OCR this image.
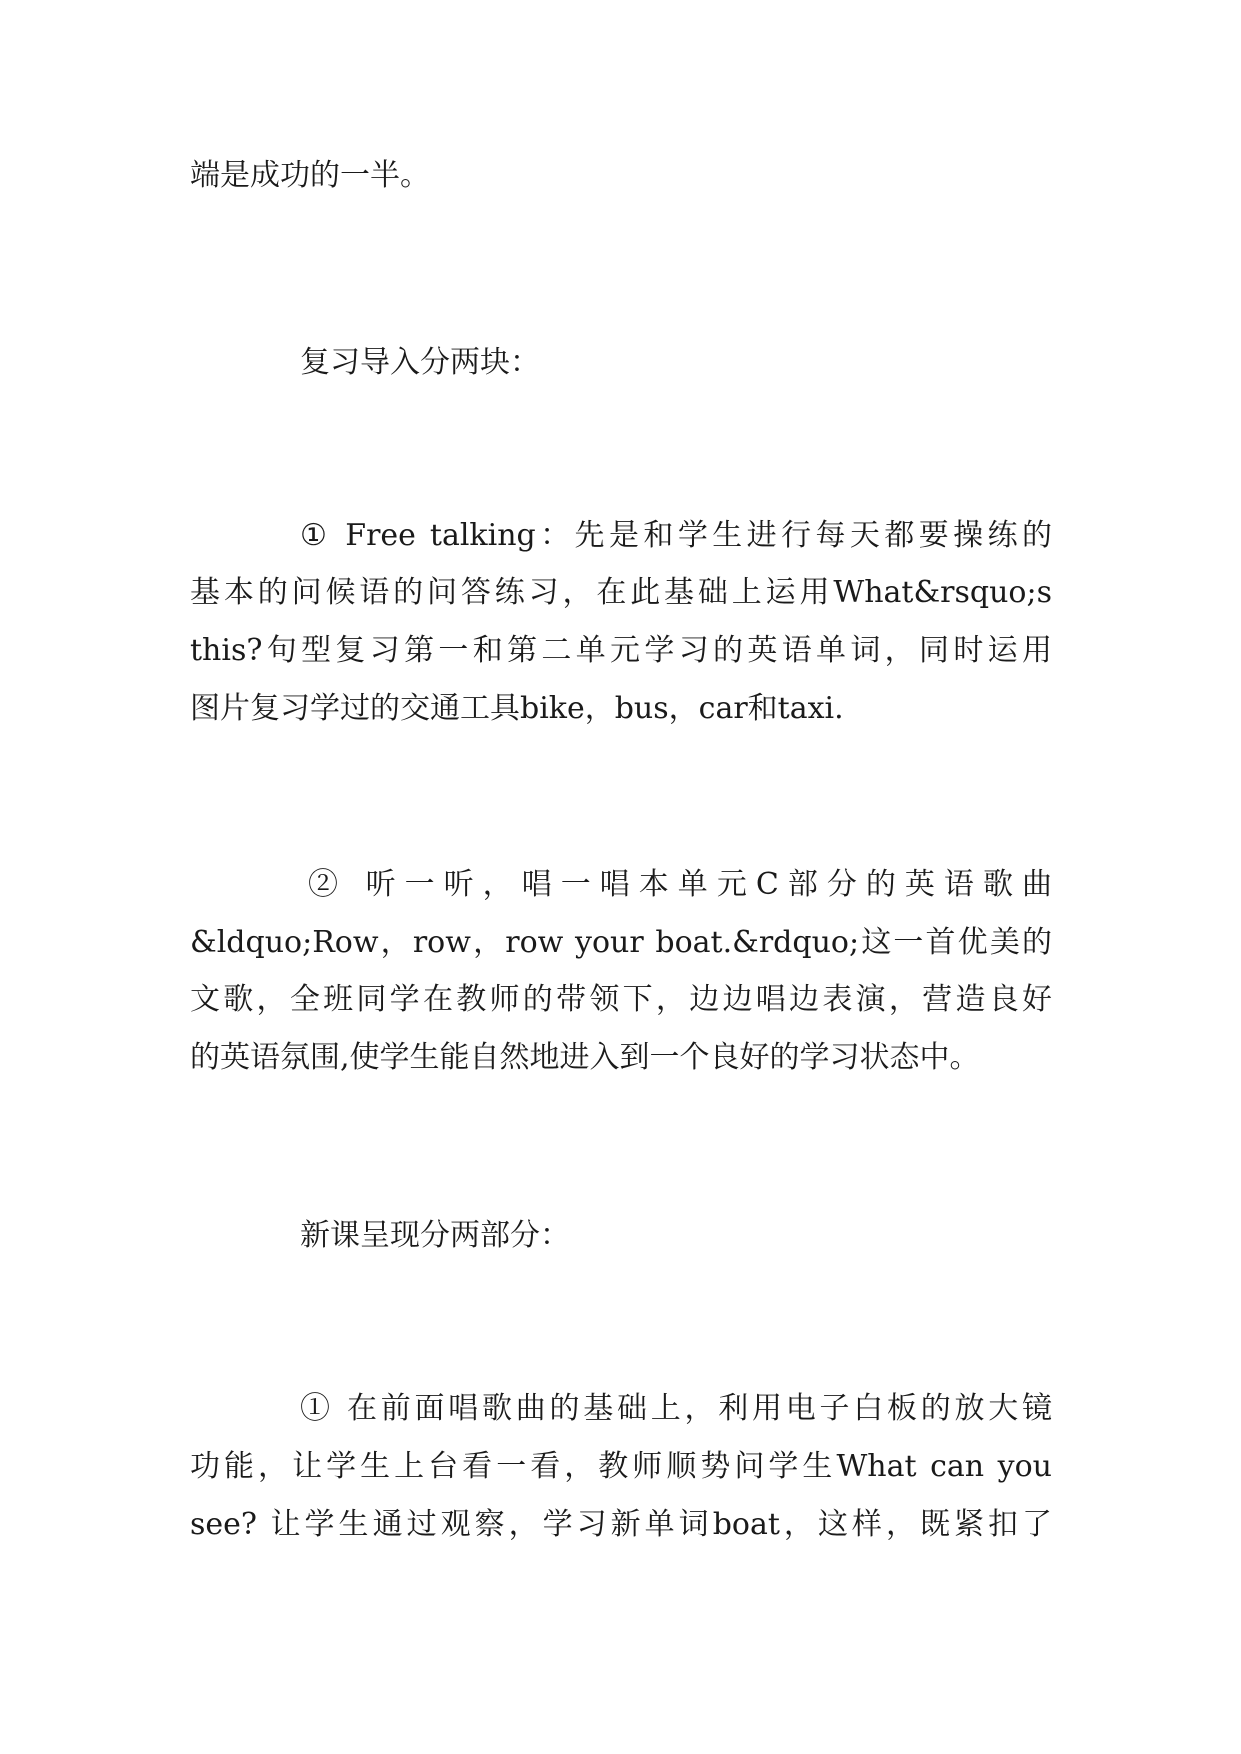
端是成功的一半。
复习导入分两块：
① Free talking：先是和学生进行每天都要操练的
基本的问候语的问答练习，在此基础上运用What&rsquo;s
this?句型复习第一和第二单元学习的英语单词，同时运用
图片复习学过的交通工具bike，bus，car和taxi.
② 听一听，唱一唱本单元C部分的英语歌曲
&ldquo;Row，row，row your boat.&rdquo;这一首优美的
文歌，全班同学在教师的带领下，边边唱边表演，营造良好
的英语氛围,使学生能自然地进入到一个良好的学习状态中。
新课呈现分两部分：
① 在前面唱歌曲的基础上，利用电子白板的放大镜
功能，让学生上台看一看，教师顺势问学生What can you
see? 让学生通过观察，学习新单词boat，这样，既紧扣了
